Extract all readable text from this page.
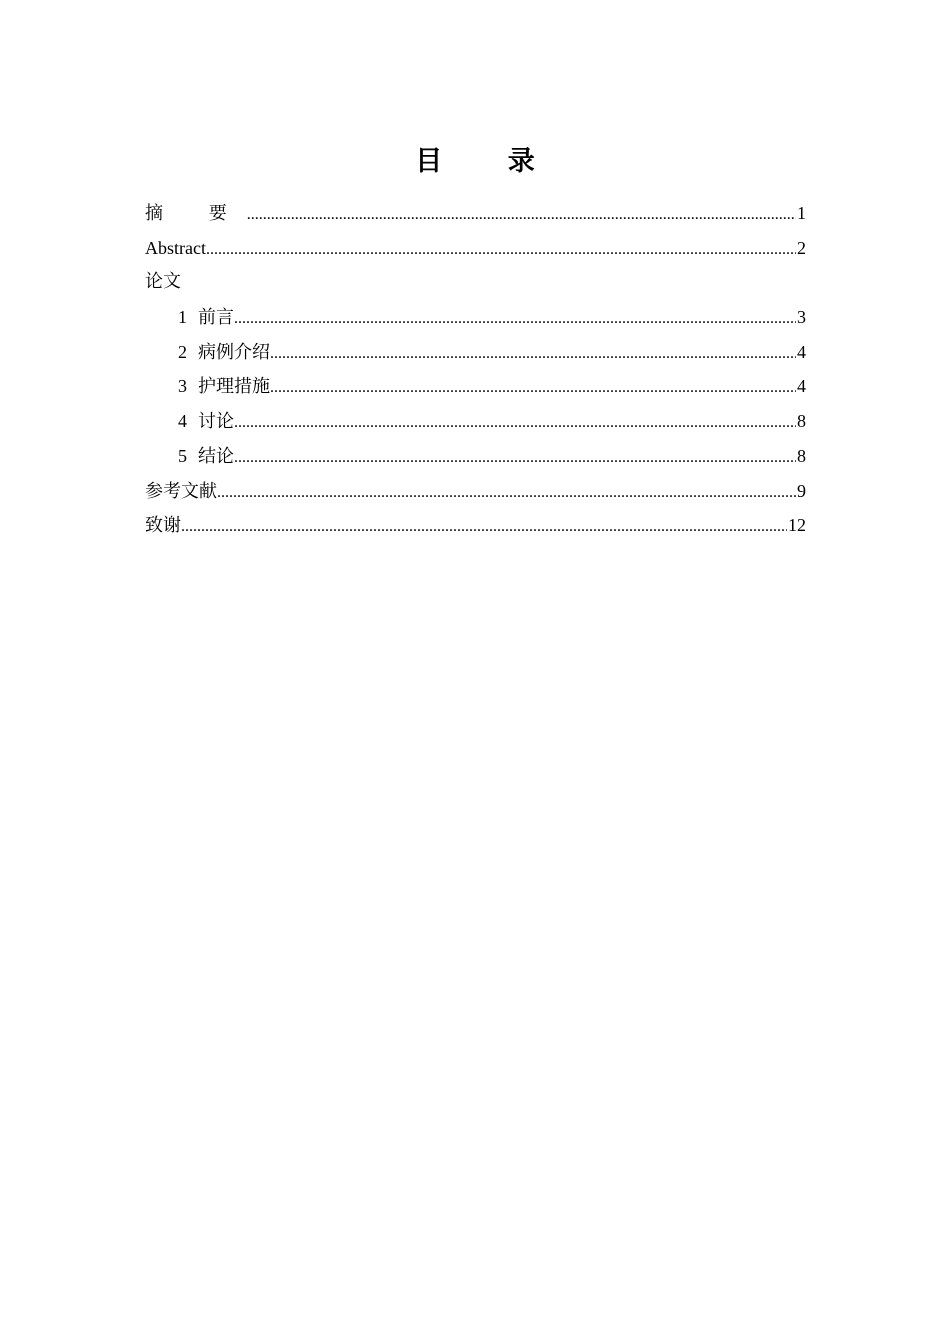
目 录
摘 要 .....	1
Abstract .....	2
论文
1 前言 .....	3
2 病例介绍 .....	4
3 护理措施 .....	4
4 讨论 .....	8
5 结论 .....	8
参考文献 .....	9
致谢 .....	12
